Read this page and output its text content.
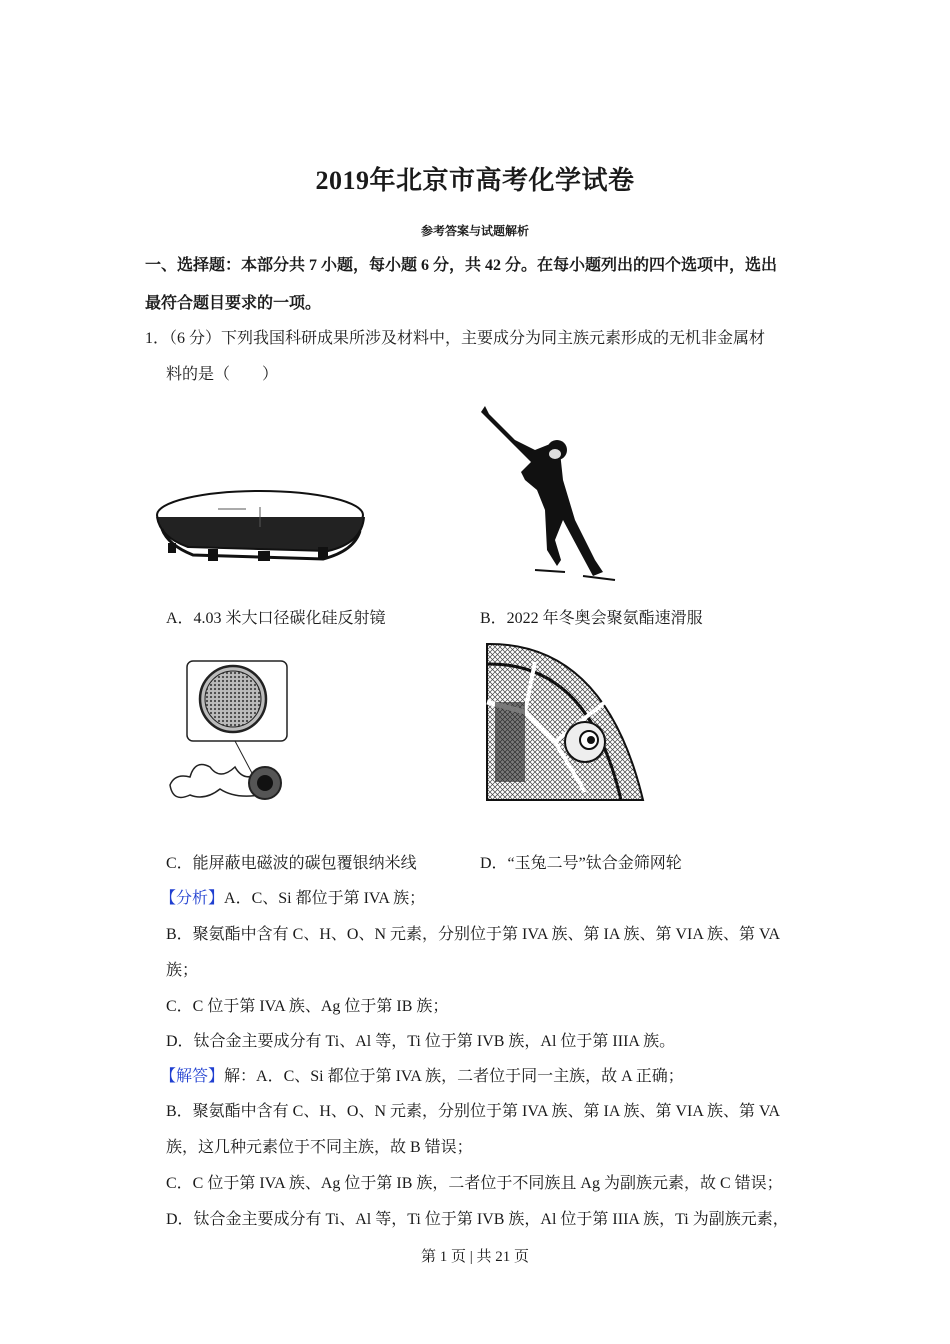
2019年北京市高考化学试卷
参考答案与试题解析
一、选择题：本部分共 7 小题，每小题 6 分，共 42 分。在每小题列出的四个选项中，选出
最符合题目要求的一项。
1．（6 分）下列我国科研成果所涉及材料中，主要成分为同主族元素形成的无机非金属材
料的是（　　）
A．4.03 米大口径碳化硅反射镜	B．2022 年冬奥会聚氨酯速滑服
C．能屏蔽电磁波的碳包覆银纳米线	D．“玉兔二号”钛合金筛网轮
【分析】A．C、Si 都位于第 IVA 族；
B．聚氨酯中含有 C、H、O、N 元素，分别位于第 IVA 族、第 IA 族、第 VIA 族、第 VA
族；
C．C 位于第 IVA 族、Ag 位于第 IB 族；
D．钛合金主要成分有 Ti、Al 等，Ti 位于第 IVB 族，Al 位于第 IIIA 族。
【解答】解：A．C、Si 都位于第 IVA 族，二者位于同一主族，故 A 正确；
B．聚氨酯中含有 C、H、O、N 元素，分别位于第 IVA 族、第 IA 族、第 VIA 族、第 VA
族，这几种元素位于不同主族，故 B 错误；
C．C 位于第 IVA 族、Ag 位于第 IB 族，二者位于不同族且 Ag 为副族元素，故 C 错误；
D．钛合金主要成分有 Ti、Al 等，Ti 位于第 IVB 族，Al 位于第 IIIA 族，Ti 为副族元素，
第 1 页 | 共 21 页
